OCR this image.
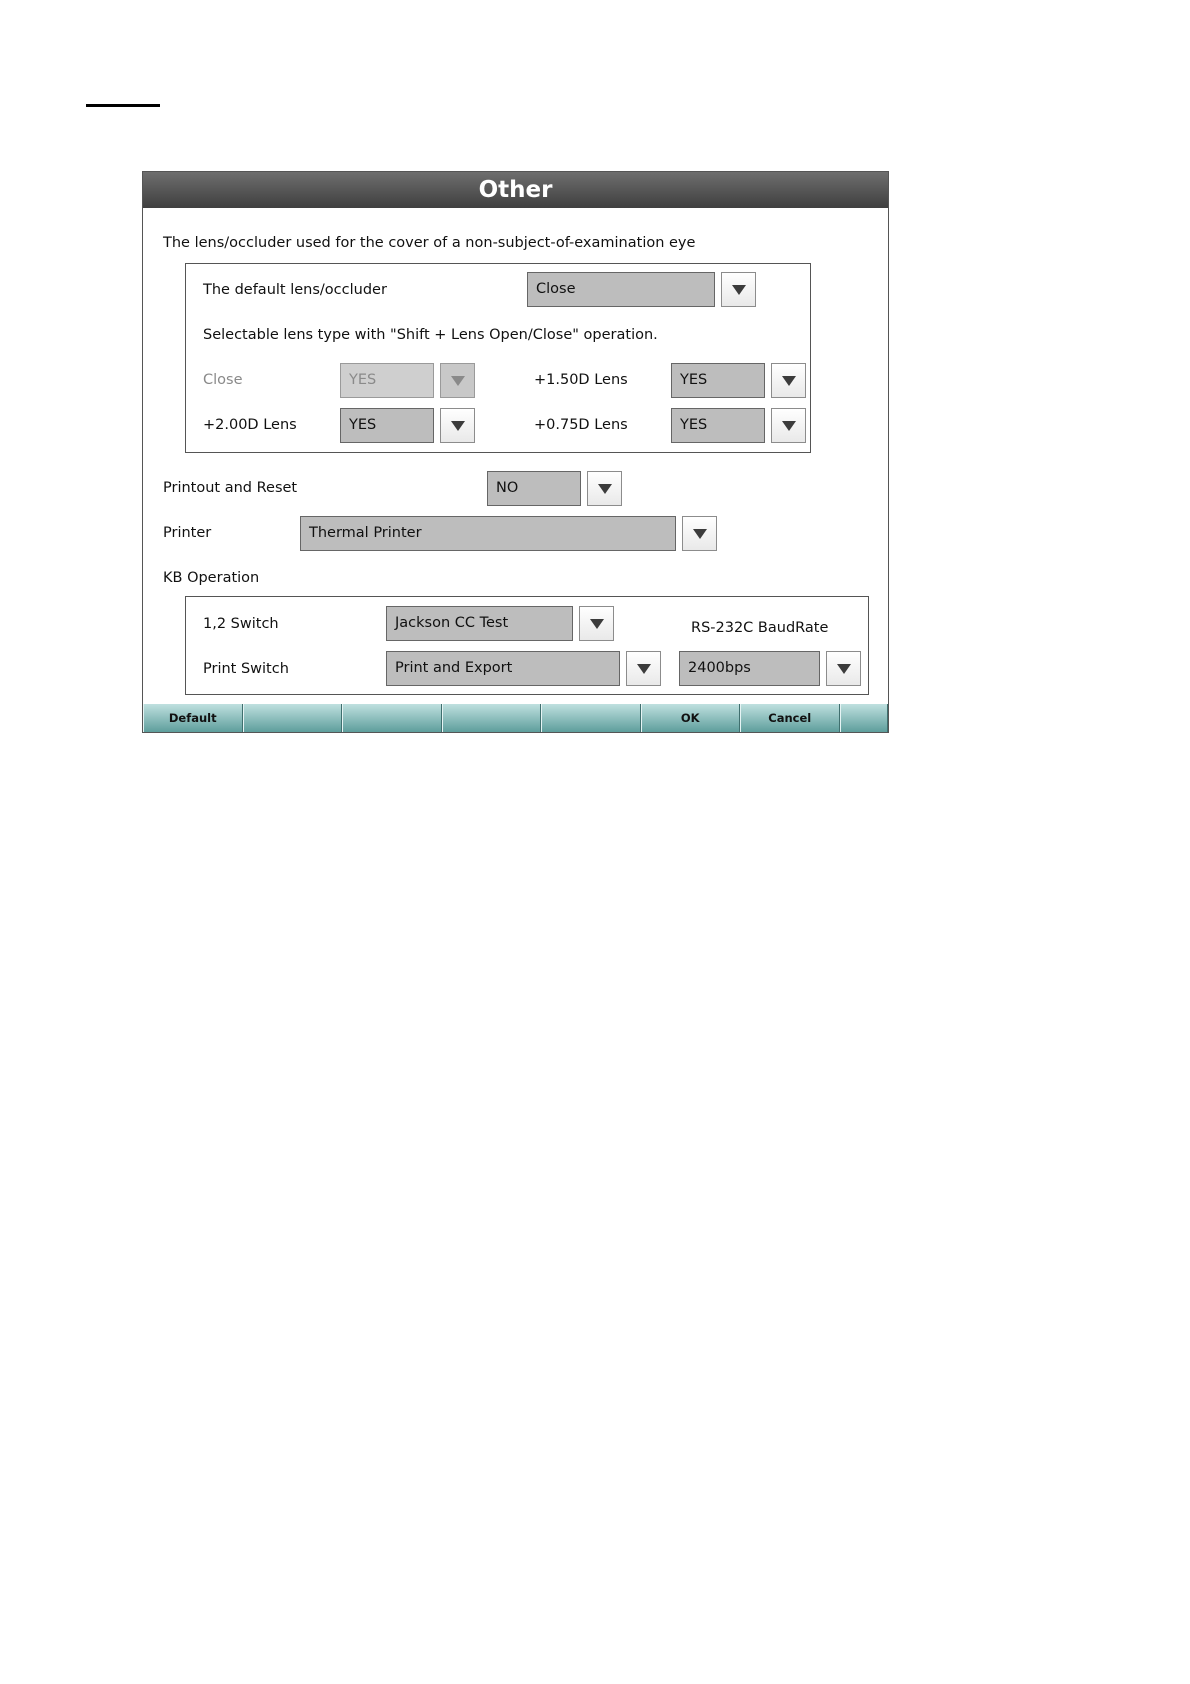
Other
The lens/occluder used for the cover of a non-subject-of-examination eye
The default lens/occluder	Close
Selectable lens type with "Shift + Lens Open/Close" operation.
Close	YES	+1.50D Lens	YES
+2.00D Lens	YES	+0.75D Lens	YES
Printout and Reset	NO
Printer	Thermal Printer
KB Operation
1,2 Switch	Jackson CC Test	RS-232C BaudRate
Print Switch	Print and Export	2400bps
Default	OK	Cancel
